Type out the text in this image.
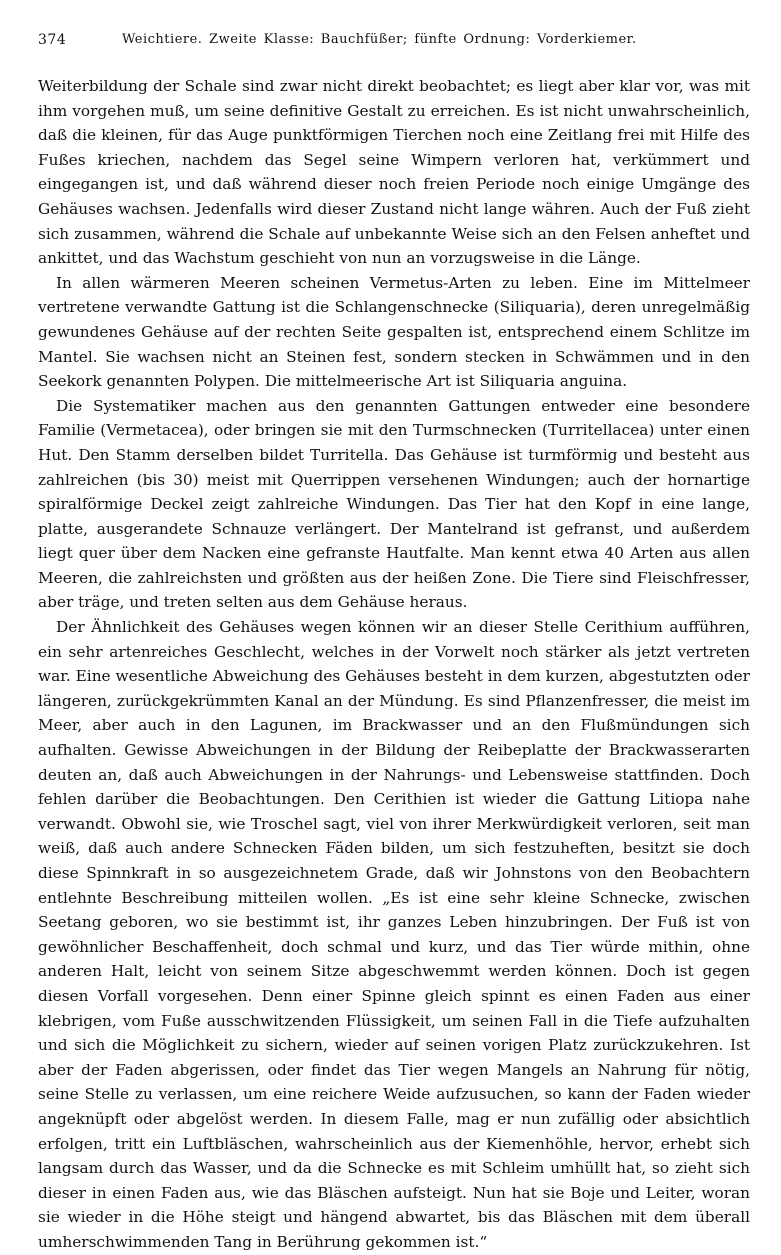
374	Weichtiere. Zweite Klasse: Bauchfüßer; fünfte Ordnung: Vorderkiemer.

Weiterbildung der Schale sind zwar nicht direkt beobachtet; es liegt aber klar vor, was mit ihm vorgehen muß, um seine definitive Gestalt zu erreichen. Es ist nicht unwahrscheinlich, daß die kleinen, für das Auge punktförmigen Tierchen noch eine Zeitlang frei mit Hilfe des Fußes kriechen, nachdem das Segel seine Wimpern verloren hat, verkümmert und eingegangen ist, und daß während dieser noch freien Periode noch einige Umgänge des Gehäuses wachsen. Jedenfalls wird dieser Zustand nicht lange währen. Auch der Fuß zieht sich zusammen, während die Schale auf unbekannte Weise sich an den Felsen anheftet und ankittet, und das Wachstum geschieht von nun an vorzugsweise in die Länge.

In allen wärmeren Meeren scheinen Vermetus-Arten zu leben. Eine im Mittelmeer vertretene verwandte Gattung ist die Schlangenschnecke (Siliquaria), deren unregelmäßig gewundenes Gehäuse auf der rechten Seite gespalten ist, entsprechend einem Schlitze im Mantel. Sie wachsen nicht an Steinen fest, sondern stecken in Schwämmen und in den Seekork genannten Polypen. Die mittelmeerische Art ist Siliquaria anguina.

Die Systematiker machen aus den genannten Gattungen entweder eine besondere Familie (Vermetacea), oder bringen sie mit den Turmschnecken (Turritellacea) unter einen Hut. Den Stamm derselben bildet Turritella. Das Gehäuse ist turmförmig und besteht aus zahlreichen (bis 30) meist mit Querrippen versehenen Windungen; auch der hornartige spiralförmige Deckel zeigt zahlreiche Windungen. Das Tier hat den Kopf in eine lange, platte, ausgerandete Schnauze verlängert. Der Mantelrand ist gefranst, und außerdem liegt quer über dem Nacken eine gefranste Hautfalte. Man kennt etwa 40 Arten aus allen Meeren, die zahlreichsten und größten aus der heißen Zone. Die Tiere sind Fleischfresser, aber träge, und treten selten aus dem Gehäuse heraus.

Der Ähnlichkeit des Gehäuses wegen können wir an dieser Stelle Cerithium aufführen, ein sehr artenreiches Geschlecht, welches in der Vorwelt noch stärker als jetzt vertreten war. Eine wesentliche Abweichung des Gehäuses besteht in dem kurzen, abgestutzten oder längeren, zurückgekrümmten Kanal an der Mündung. Es sind Pflanzenfresser, die meist im Meer, aber auch in den Lagunen, im Brackwasser und an den Flußmündungen sich aufhalten. Gewisse Abweichungen in der Bildung der Reibeplatte der Brackwasserarten deuten an, daß auch Abweichungen in der Nahrungs- und Lebensweise stattfinden. Doch fehlen darüber die Beobachtungen. Den Cerithien ist wieder die Gattung Litiopa nahe verwandt. Obwohl sie, wie Troschel sagt, viel von ihrer Merkwürdigkeit verloren, seit man weiß, daß auch andere Schnecken Fäden bilden, um sich festzuheften, besitzt sie doch diese Spinnkraft in so ausgezeichnetem Grade, daß wir Johnstons von den Beobachtern entlehnte Beschreibung mitteilen wollen. „Es ist eine sehr kleine Schnecke, zwischen Seetang geboren, wo sie bestimmt ist, ihr ganzes Leben hinzubringen. Der Fuß ist von gewöhnlicher Beschaffenheit, doch schmal und kurz, und das Tier würde mithin, ohne anderen Halt, leicht von seinem Sitze abgeschwemmt werden können. Doch ist gegen diesen Vorfall vorgesehen. Denn einer Spinne gleich spinnt es einen Faden aus einer klebrigen, vom Fuße ausschwitzenden Flüssigkeit, um seinen Fall in die Tiefe aufzuhalten und sich die Möglichkeit zu sichern, wieder auf seinen vorigen Platz zurückzukehren. Ist aber der Faden abgerissen, oder findet das Tier wegen Mangels an Nahrung für nötig, seine Stelle zu verlassen, um eine reichere Weide aufzusuchen, so kann der Faden wieder angeknüpft oder abgelöst werden. In diesem Falle, mag er nun zufällig oder absichtlich erfolgen, tritt ein Luftbläschen, wahrscheinlich aus der Kiemenhöhle, hervor, erhebt sich langsam durch das Wasser, und da die Schnecke es mit Schleim umhüllt hat, so zieht sich dieser in einen Faden aus, wie das Bläschen aufsteigt. Nun hat sie Boje und Leiter, woran sie wieder in die Höhe steigt und hängend abwartet, bis das Bläschen mit dem überall umherschwimmenden Tang in Berührung gekommen ist.“
